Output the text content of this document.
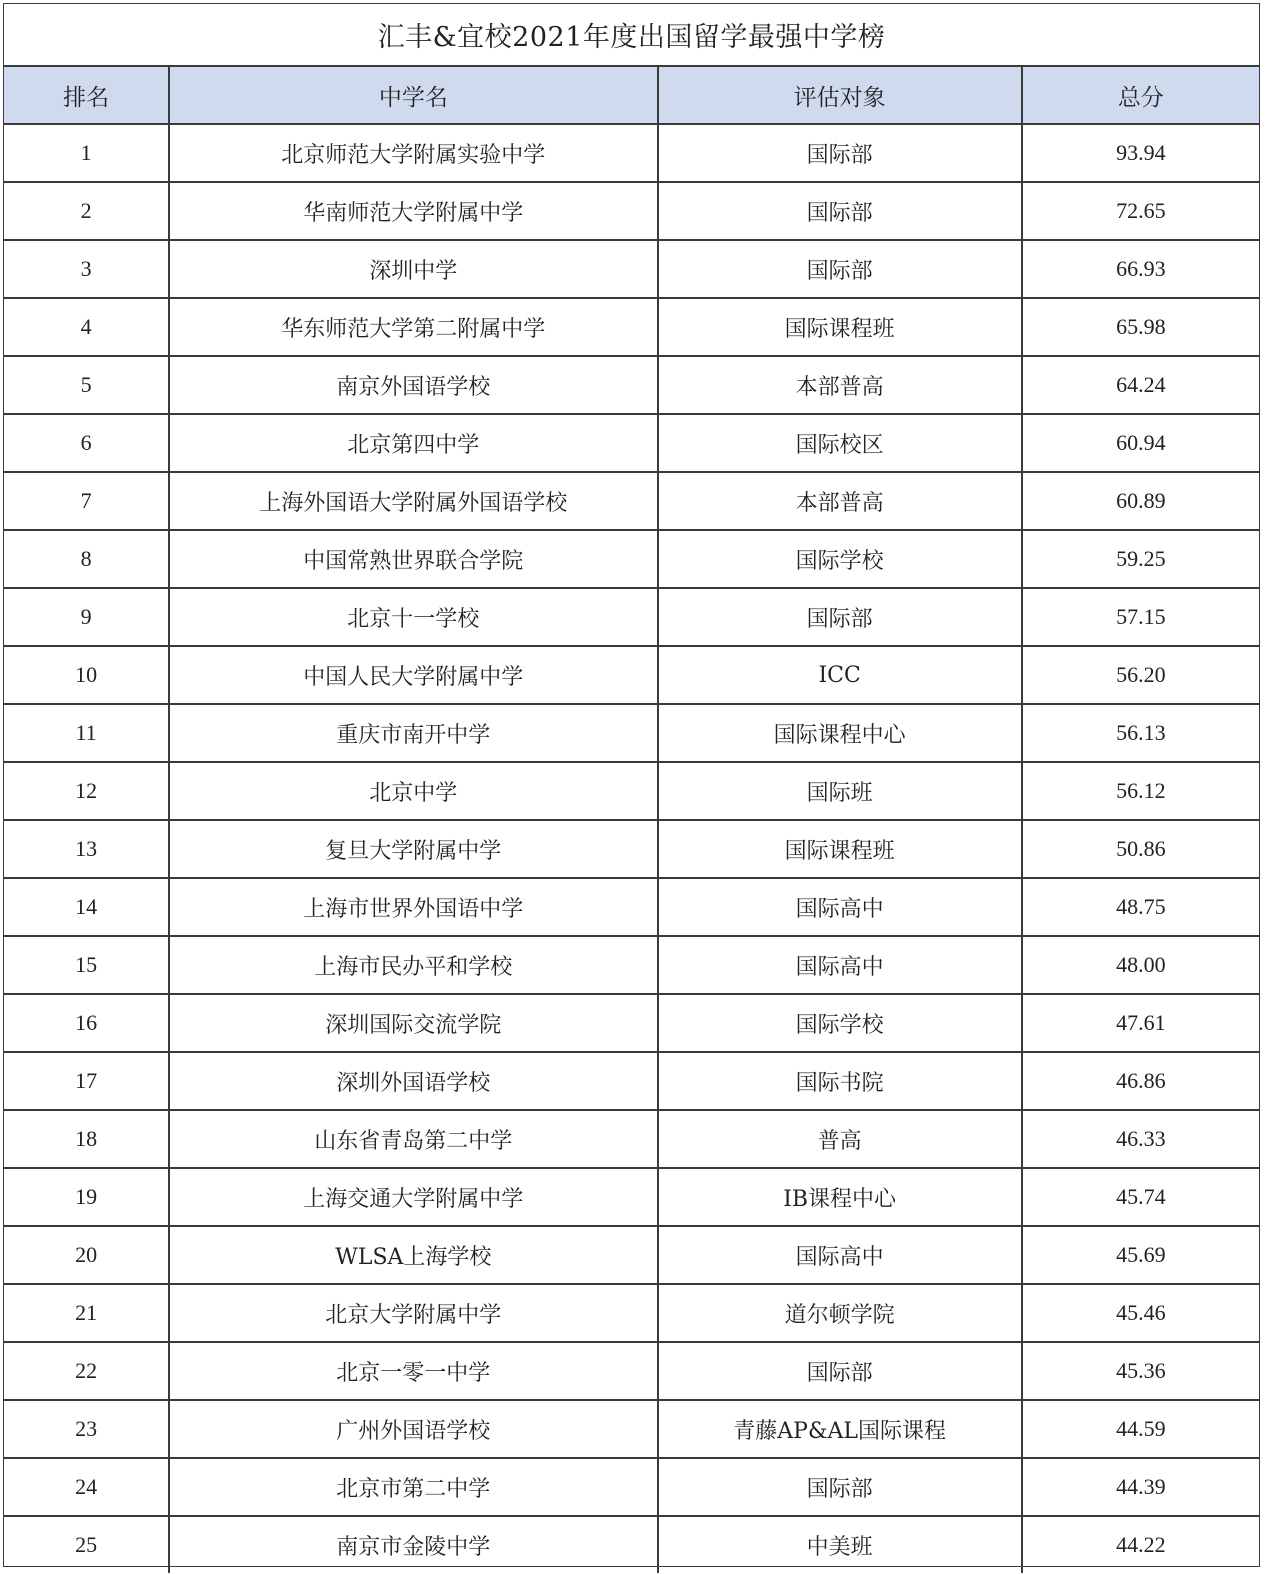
汇丰&宜校2021年度出国留学最强中学榜			
排名	中学名	评估对象	总分
1	北京师范大学附属实验中学	国际部	93.94
2	华南师范大学附属中学	国际部	72.65
3	深圳中学	国际部	66.93
4	华东师范大学第二附属中学	国际课程班	65.98
5	南京外国语学校	本部普高	64.24
6	北京第四中学	国际校区	60.94
7	上海外国语大学附属外国语学校	本部普高	60.89
8	中国常熟世界联合学院	国际学校	59.25
9	北京十一学校	国际部	57.15
10	中国人民大学附属中学	ICC	56.20
11	重庆市南开中学	国际课程中心	56.13
12	北京中学	国际班	56.12
13	复旦大学附属中学	国际课程班	50.86
14	上海市世界外国语中学	国际高中	48.75
15	上海市民办平和学校	国际高中	48.00
16	深圳国际交流学院	国际学校	47.61
17	深圳外国语学校	国际书院	46.86
18	山东省青岛第二中学	普高	46.33
19	上海交通大学附属中学	IB课程中心	45.74
20	WLSA上海学校	国际高中	45.69
21	北京大学附属中学	道尔顿学院	45.46
22	北京一零一中学	国际部	45.36
23	广州外国语学校	青藤AP&AL国际课程	44.59
24	北京市第二中学	国际部	44.39
25	南京市金陵中学	中美班	44.22
